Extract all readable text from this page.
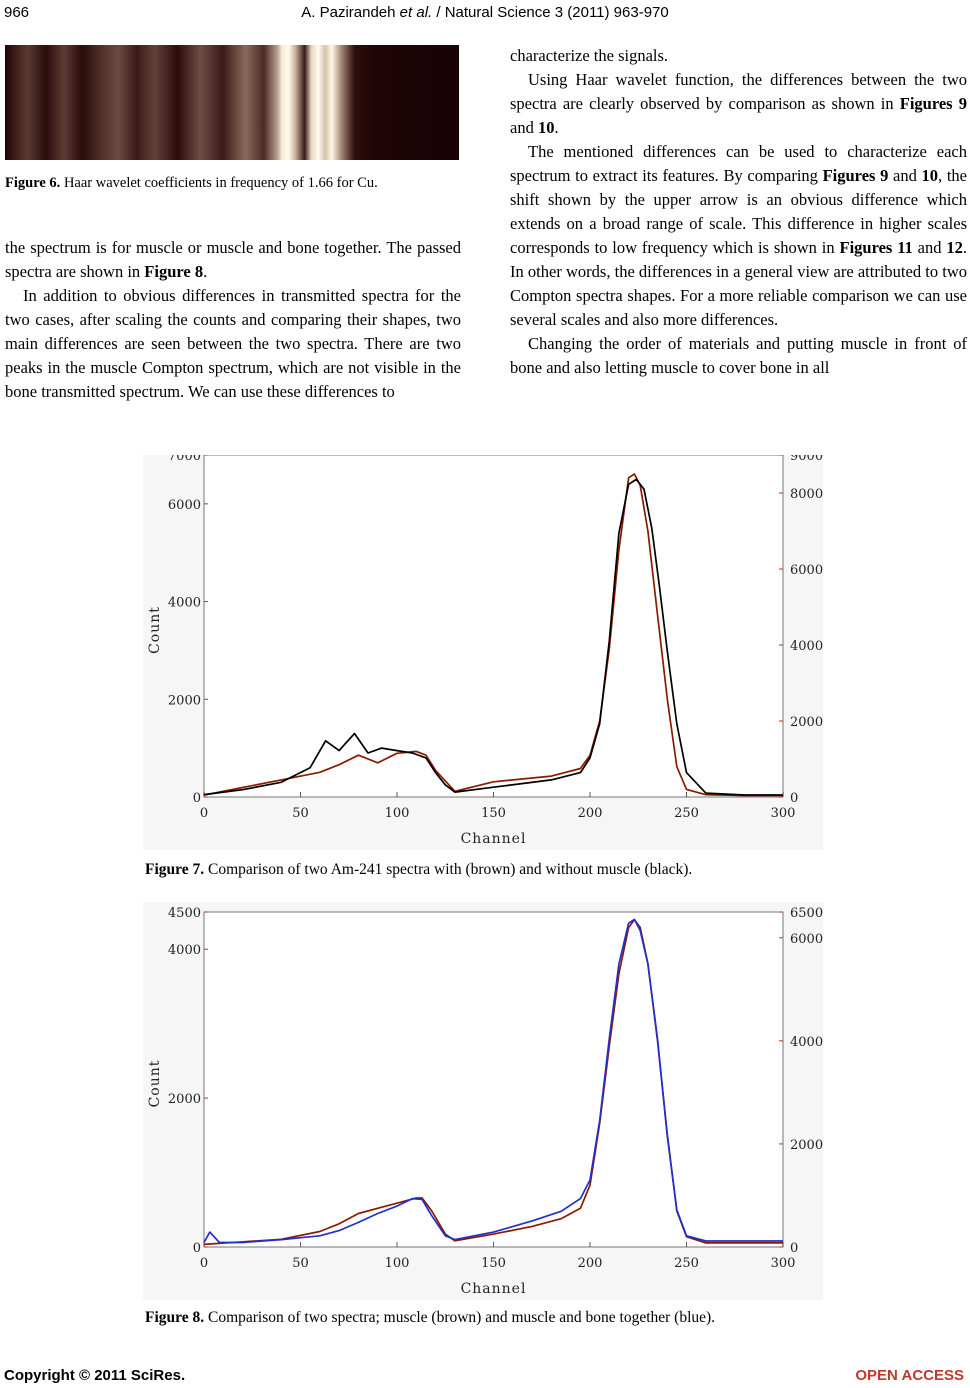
966	A. Pazirandeh et al. / Natural Science 3 (2011) 963-970
Figure 6. Haar wavelet coefficients in frequency of 1.66 for Cu.

the spectrum is for muscle or muscle and bone together. The passed spectra are shown in Figure 8.

In addition to obvious differences in transmitted spectra for the two cases, after scaling the counts and comparing their shapes, two main differences are seen between the two spectra. There are two peaks in the muscle Compton spectrum, which are not visible in the bone transmitted spectrum. We can use these differences to

characterize the signals.

Using Haar wavelet function, the differences between the two spectra are clearly observed by comparison as shown in Figures 9 and 10.

The mentioned differences can be used to characterize each spectrum to extract its features. By comparing Figures 9 and 10, the shift shown by the upper arrow is an obvious difference which extends on a broad range of scale. This difference in higher scales corresponds to low frequency which is shown in Figures 11 and 12. In other words, the differences in a general view are attributed to two Compton spectra shapes. For a more reliable comparison we can use several scales and also more differences.

Changing the order of materials and putting muscle in front of bone and also letting muscle to cover bone in all

0	50	100	150	200	250	300
0
2000
4000
6000
7000
0
2000
4000
6000
8000
9000
Channel
Count
Figure 7. Comparison of two Am-241 spectra with (brown) and without muscle (black).
0	50	100	150	200	250	300
0
2000
4000
4500
0
2000
4000
6000
6500
Channel
Count
Figure 8. Comparison of two spectra; muscle (brown) and muscle and bone together (blue).
Copyright © 2011 SciRes.	OPEN ACCESS
